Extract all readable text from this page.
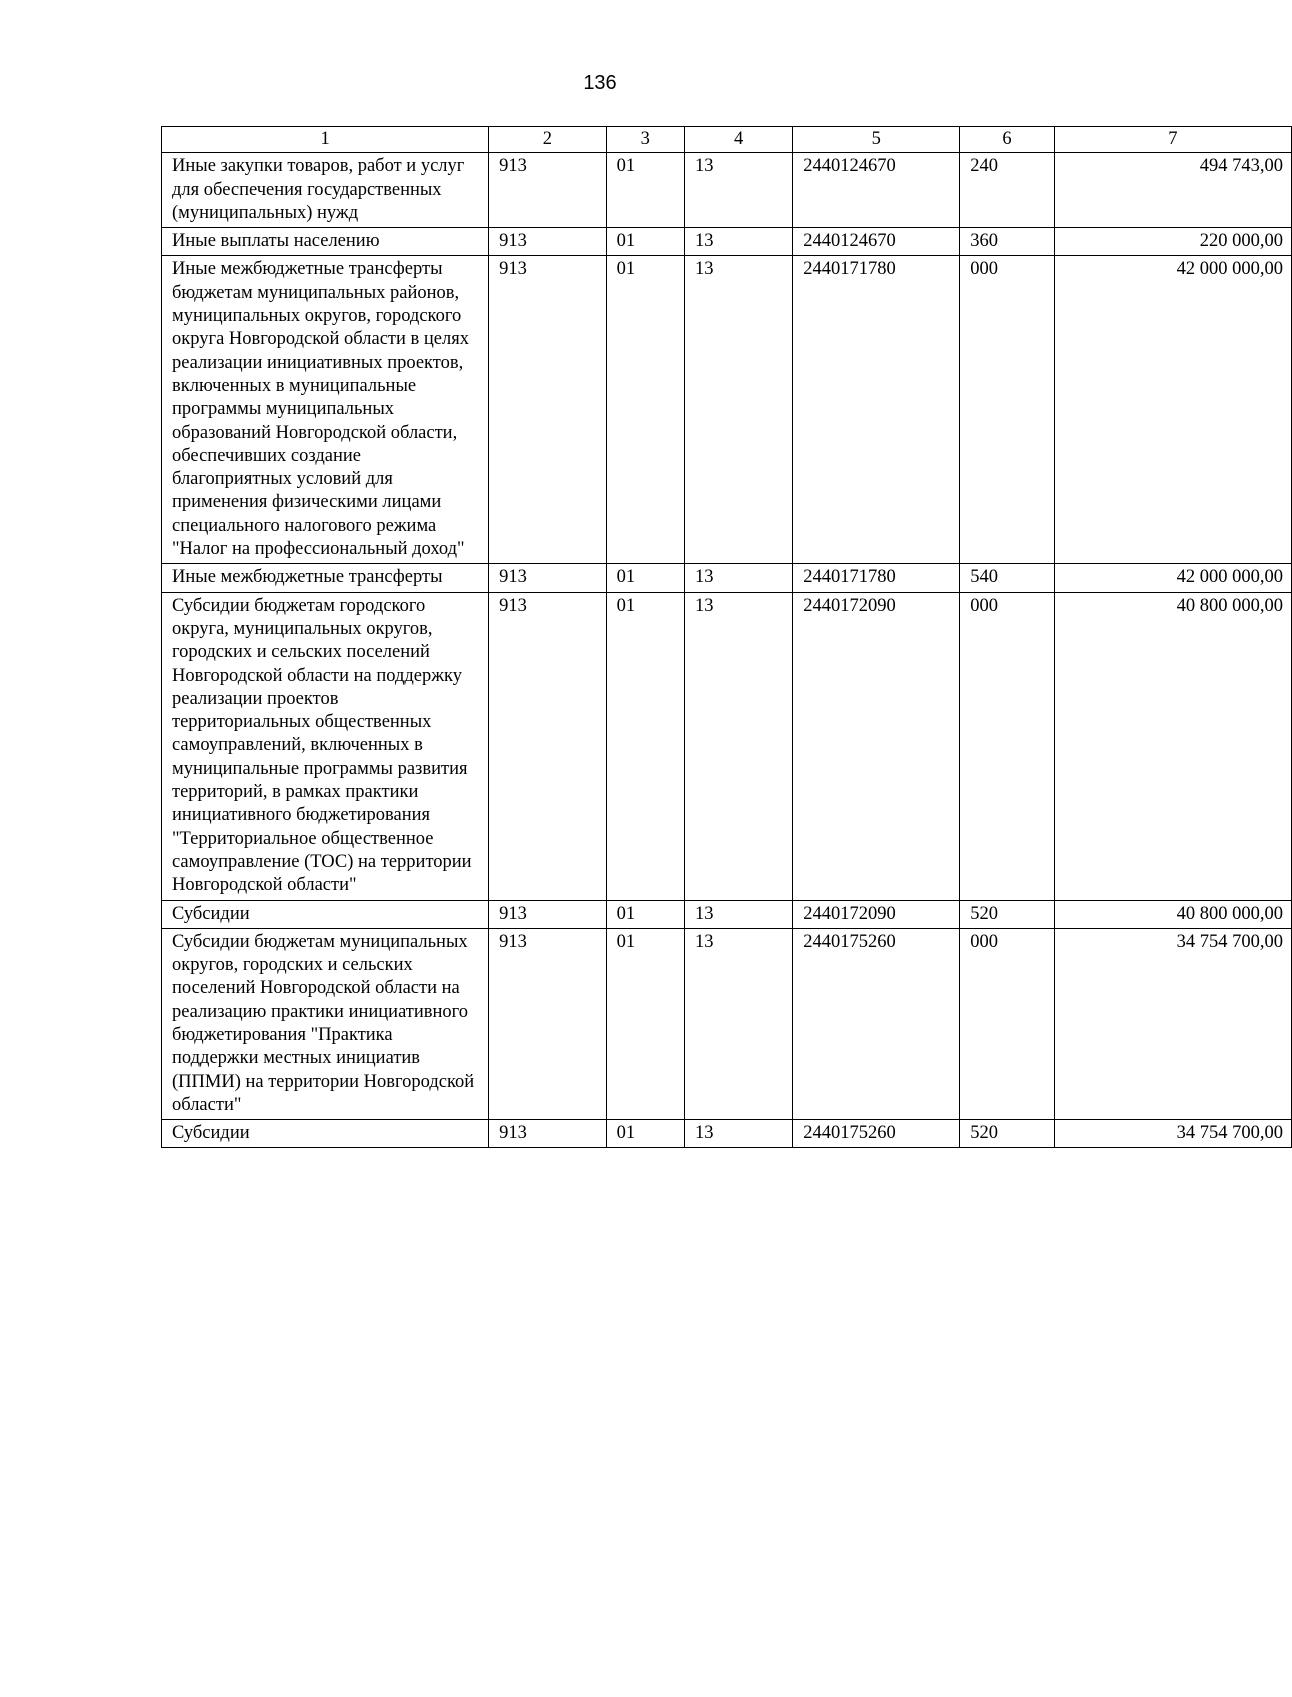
136
1	2	3	4	5	6	7
Иные закупки товаров, работ и услуг для обеспечения государственных (муниципальных) нужд	913	01	13	2440124670	240	494 743,00
Иные выплаты населению	913	01	13	2440124670	360	220 000,00
Иные межбюджетные трансферты бюджетам муниципальных районов, муниципальных округов, городского округа Новгородской области в целях реализации инициативных проектов, включенных в муниципальные программы муниципальных образований Новгородской области, обеспечивших создание благоприятных условий для применения физическими лицами специального налогового режима "Налог на профессиональный доход"	913	01	13	2440171780	000	42 000 000,00
Иные межбюджетные трансферты	913	01	13	2440171780	540	42 000 000,00
Субсидии бюджетам городского округа, муниципальных округов, городских и сельских поселений Новгородской области на поддержку реализации проектов территориальных общественных самоуправлений, включенных в муниципальные программы развития территорий, в рамках практики инициативного бюджетирования "Территориальное общественное самоуправление (ТОС) на территории Новгородской области"	913	01	13	2440172090	000	40 800 000,00
Субсидии	913	01	13	2440172090	520	40 800 000,00
Субсидии бюджетам муниципальных округов, городских и сельских поселений Новгородской области на реализацию практики инициативного бюджетирования "Практика поддержки местных инициатив (ППМИ) на территории Новгородской области"	913	01	13	2440175260	000	34 754 700,00
Субсидии	913	01	13	2440175260	520	34 754 700,00
